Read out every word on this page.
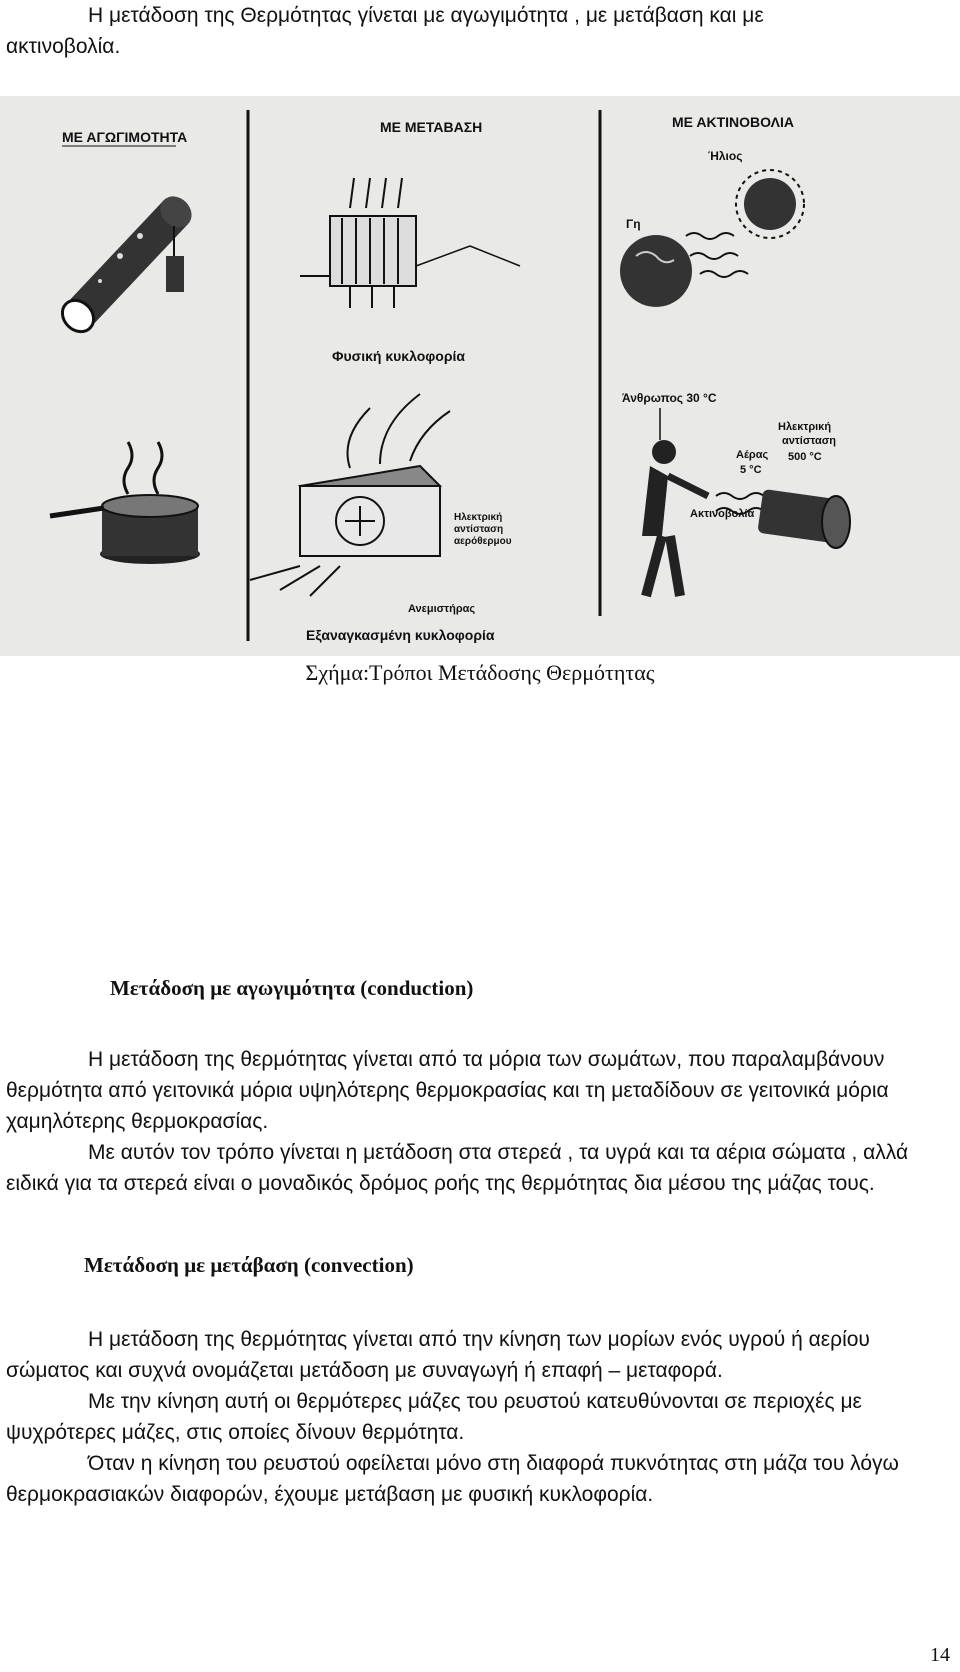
Η μετάδοση της Θερμότητας γίνεται με αγωγιμότητα , με μετάβαση και με
ακτινοβολία.
ΜΕ ΑΓΩΓΙΜΟΤΗΤΑ
ΜΕ ΜΕΤΑΒΑΣΗ	ΜΕ ΑΚΤΙΝΟΒΟΛΙΑ
Φυσική κυκλοφορία
Ηλεκτρική
αντίσταση
αερόθερμου
Ανεμιστήρας
Εξαναγκασμένη κυκλοφορία
Ήλιος
Γη
Άνθρωπος 30 °C
Ηλεκτρική
αντίσταση
500 °C
Αέρας
5 °C
Ακτινοβολία
Σχήμα:Τρόποι Μετάδοσης Θερμότητας
Μετάδοση με αγωγιμότητα (conduction)

Η μετάδοση της θερμότητας γίνεται από τα μόρια των σωμάτων, που παραλαμβάνουν θερμότητα από γειτονικά μόρια υψηλότερης θερμοκρασίας και τη μεταδίδουν σε γειτονικά μόρια χαμηλότερης θερμοκρασίας.

Με αυτόν τον τρόπο γίνεται η μετάδοση στα στερεά , τα υγρά και τα αέρια σώματα , αλλά ειδικά για τα στερεά είναι ο μοναδικός δρόμος ροής της θερμότητας δια μέσου της μάζας τους.

Μετάδοση με μετάβαση (convection)

Η μετάδοση της θερμότητας γίνεται από την κίνηση των μορίων ενός υγρού ή αερίου σώματος και συχνά ονομάζεται μετάδοση με συναγωγή ή επαφή – μεταφορά.

Με την κίνηση αυτή οι θερμότερες μάζες του ρευστού κατευθύνονται σε περιοχές με ψυχρότερες μάζες, στις οποίες δίνουν θερμότητα.

Όταν η κίνηση του ρευστού οφείλεται μόνο στη διαφορά πυκνότητας στη μάζα του λόγω θερμοκρασιακών διαφορών, έχουμε μετάβαση με φυσική κυκλοφορία.

14
